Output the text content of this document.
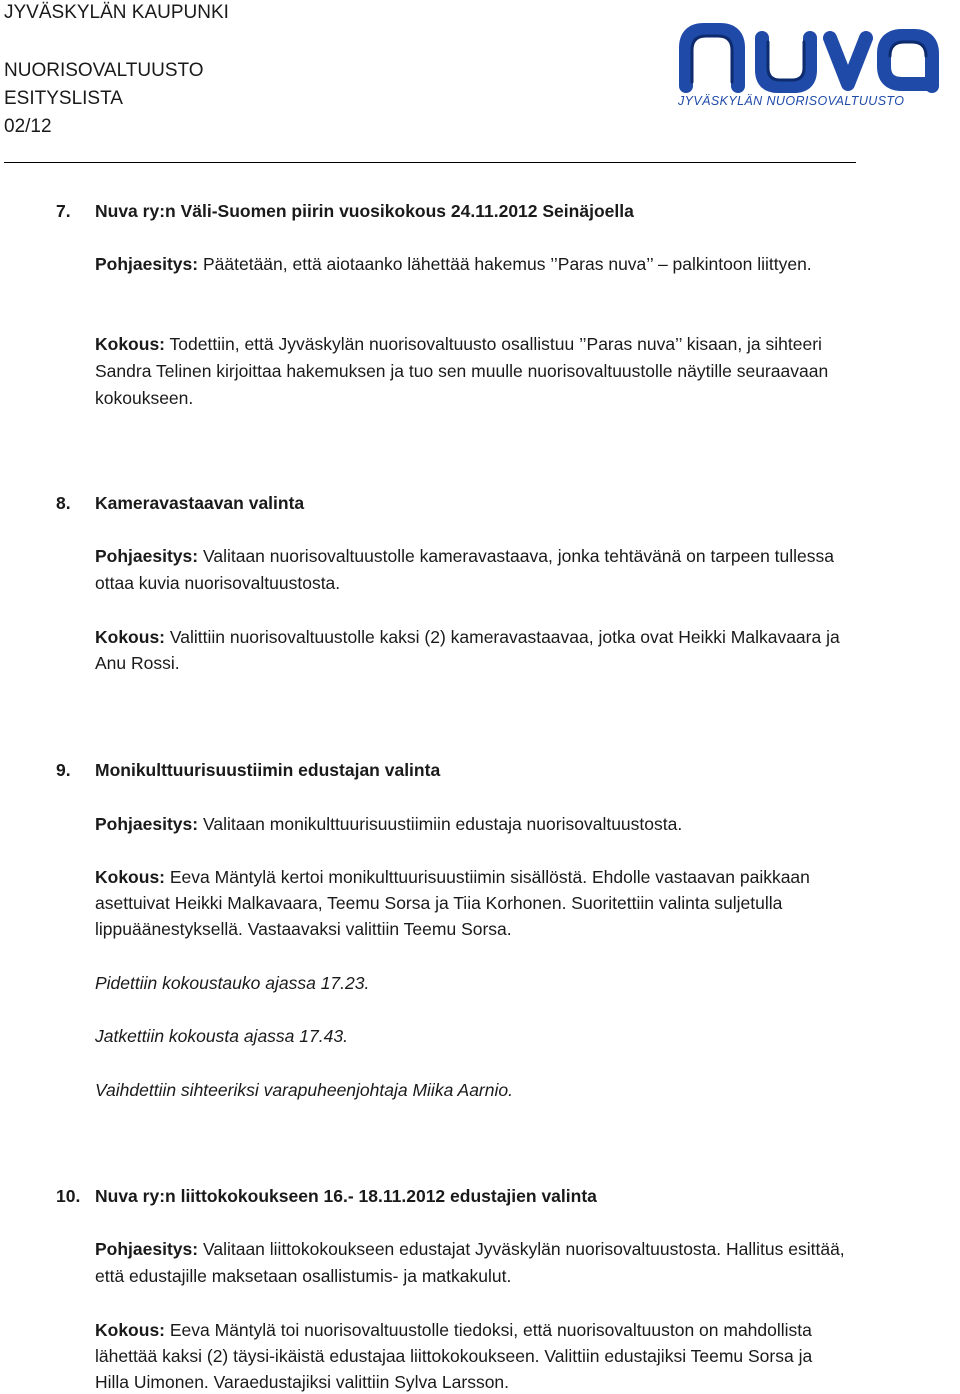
JYVÄSKYLÄN KAUPUNKI
NUORISOVALTUUSTO
ESITYSLISTA
02/12
JYVÄSKYLÄN NUORISOVALTUUSTO
7. Nuva ry:n Väli-Suomen piirin vuosikokous 24.11.2012 Seinäjoella
Pohjaesitys: Päätetään, että aiotaanko lähettää hakemus ’’Paras nuva’’ – palkintoon liittyen.
Kokous: Todettiin, että Jyväskylän nuorisovaltuusto osallistuu ’’Paras nuva’’ kisaan, ja sihteeri
Sandra Telinen kirjoittaa hakemuksen ja tuo sen muulle nuorisovaltuustolle näytille seuraavaan
kokoukseen.
8. Kameravastaavan valinta
Pohjaesitys: Valitaan nuorisovaltuustolle kameravastaava, jonka tehtävänä on tarpeen tullessa
ottaa kuvia nuorisovaltuustosta.
Kokous: Valittiin nuorisovaltuustolle kaksi (2) kameravastaavaa, jotka ovat Heikki Malkavaara ja
Anu Rossi.
9. Monikulttuurisuustiimin edustajan valinta
Pohjaesitys: Valitaan monikulttuurisuustiimiin edustaja nuorisovaltuustosta.
Kokous: Eeva Mäntylä kertoi monikulttuurisuustiimin sisällöstä. Ehdolle vastaavan paikkaan
asettuivat Heikki Malkavaara, Teemu Sorsa ja Tiia Korhonen. Suoritettiin valinta suljetulla
lippuäänestyksellä. Vastaavaksi valittiin Teemu Sorsa.
Pidettiin kokoustauko ajassa 17.23.
Jatkettiin kokousta ajassa 17.43.
Vaihdettiin sihteeriksi varapuheenjohtaja Miika Aarnio.
10. Nuva ry:n liittokokoukseen 16.- 18.11.2012 edustajien valinta
Pohjaesitys: Valitaan liittokokoukseen edustajat Jyväskylän nuorisovaltuustosta. Hallitus esittää,
että edustajille maksetaan osallistumis- ja matkakulut.
Kokous: Eeva Mäntylä toi nuorisovaltuustolle tiedoksi, että nuorisovaltuuston on mahdollista
lähettää kaksi (2) täysi-ikäistä edustajaa liittokokoukseen. Valittiin edustajiksi Teemu Sorsa ja
Hilla Uimonen. Varaedustajiksi valittiin Sylva Larsson.
